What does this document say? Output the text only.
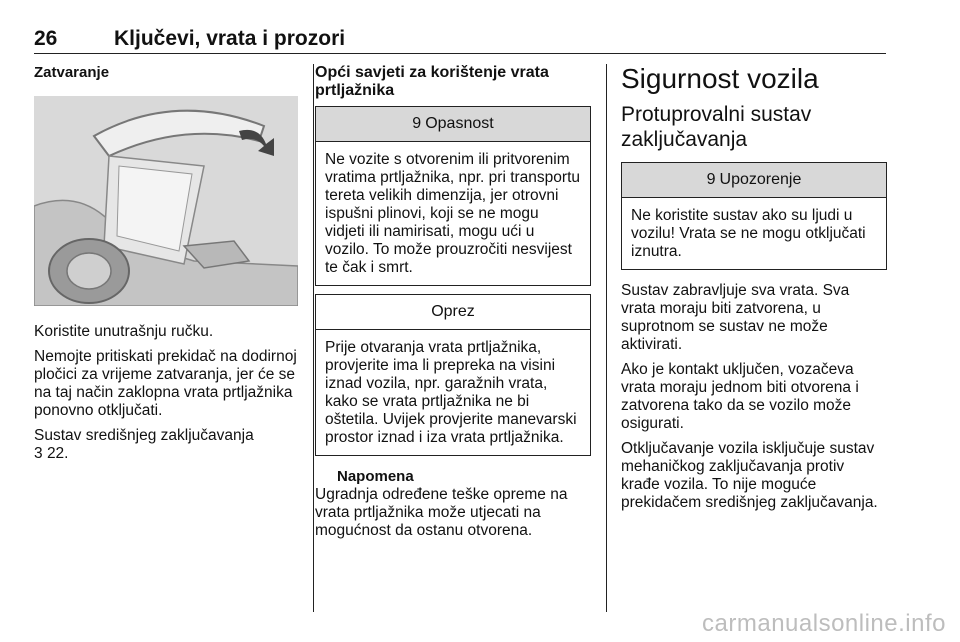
26	Ključevi, vrata i prozori
Zatvaranje

Koristite unutrašnju ručku.

Nemojte pritiskati prekidač na dodirnoj pločici za vrijeme zatvaranja, jer će se na taj način zaklopna vrata prtljažnika ponovno otključati.

Sustav središnjeg zaključavanja
3 22.

Opći savjeti za korištenje vrata prtljažnika
9 Opasnost
Ne vozite s otvorenim ili pritvorenim vratima prtljažnika, npr. pri transportu tereta velikih dimenzija, jer otrovni ispušni plinovi, koji se ne mogu vidjeti ili namirisati, mogu ući u vozilo. To može prouzročiti nesvijest te čak i smrt.
Oprez
Prije otvaranja vrata prtljažnika, provjerite ima li prepreka na visini iznad vozila, npr. garažnih vrata, kako se vrata prtljažnika ne bi oštetila. Uvijek provjerite manevarski prostor iznad i iza vrata prtljažnika.
Napomena
Ugradnja određene teške opreme na vrata prtljažnika može utjecati na mogućnost da ostanu otvorena.
Sigurnost vozila
Protuprovalni sustav zaključavanja
9 Upozorenje
Ne koristite sustav ako su ljudi u vozilu! Vrata se ne mogu otključati iznutra.

Sustav zabravljuje sva vrata. Sva vrata moraju biti zatvorena, u suprotnom se sustav ne može aktivirati.

Ako je kontakt uključen, vozačeva vrata moraju jednom biti otvorena i zatvorena tako da se vozilo može osigurati.

Otključavanje vozila isključuje sustav mehaničkog zaključavanja protiv krađe vozila. To nije moguće prekidačem središnjeg zaključavanja.

carmanualsonline.info
